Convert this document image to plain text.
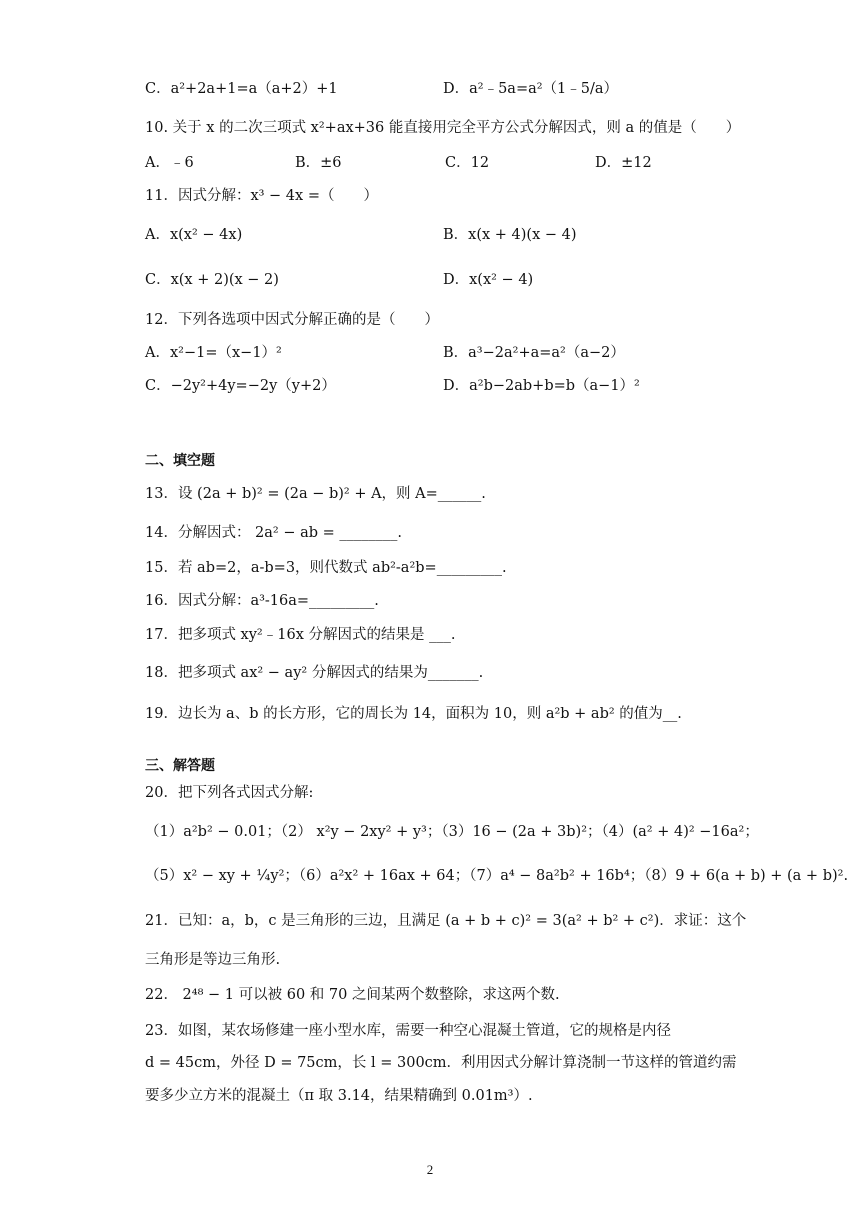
C．a²+2a+1=a（a+2）+1	D．a²﹣5a=a²（1﹣5/a）
10. 关于 x 的二次三项式 x²+ax+36 能直接用完全平方公式分解因式，则 a 的值是（　　）
A．﹣6	B．±6	C．12	D．±12
11．因式分解：x³ − 4x =（　　）
A．x(x² − 4x)	B．x(x + 4)(x − 4)
C．x(x + 2)(x − 2)	D．x(x² − 4)
12．下列各选项中因式分解正确的是（　　）
A．x²−1=（x−1）²	B．a³−2a²+a=a²（a−2）
C．−2y²+4y=−2y（y+2）	D．a²b−2ab+b=b（a−1）²
二、填空题
13．设 (2a + b)² = (2a − b)² + A，则 A=______.
14．分解因式： 2a² − ab = ________.
15．若 ab=2，a-b=3，则代数式 ab²-a²b=_________.
16．因式分解：a³-16a=_________.
17．把多项式 xy²﹣16x 分解因式的结果是 ___.
18．把多项式 ax² − ay² 分解因式的结果为_______.
19．边长为 a、b 的长方形，它的周长为 14，面积为 10，则 a²b + ab² 的值为__.
三、解答题
20．把下列各式因式分解:
（1）a²b² − 0.01；（2） x²y − 2xy² + y³；（3）16 − (2a + 3b)²；（4）(a² + 4)² −16a²；
（5）x² − xy + ¼y²；（6）a²x² + 16ax + 64；（7）a⁴ − 8a²b² + 16b⁴；（8）9 + 6(a + b) + (a + b)².
21．已知：a，b，c 是三角形的三边，且满足 (a + b + c)² = 3(a² + b² + c²)．求证：这个
三角形是等边三角形.
22． 2⁴⁸ − 1 可以被 60 和 70 之间某两个数整除，求这两个数.
23．如图，某农场修建一座小型水库，需要一种空心混凝土管道，它的规格是内径
d = 45cm，外径 D = 75cm，长 l = 300cm．利用因式分解计算浇制一节这样的管道约需
要多少立方米的混凝土（π 取 3.14，结果精确到 0.01m³）.
2
